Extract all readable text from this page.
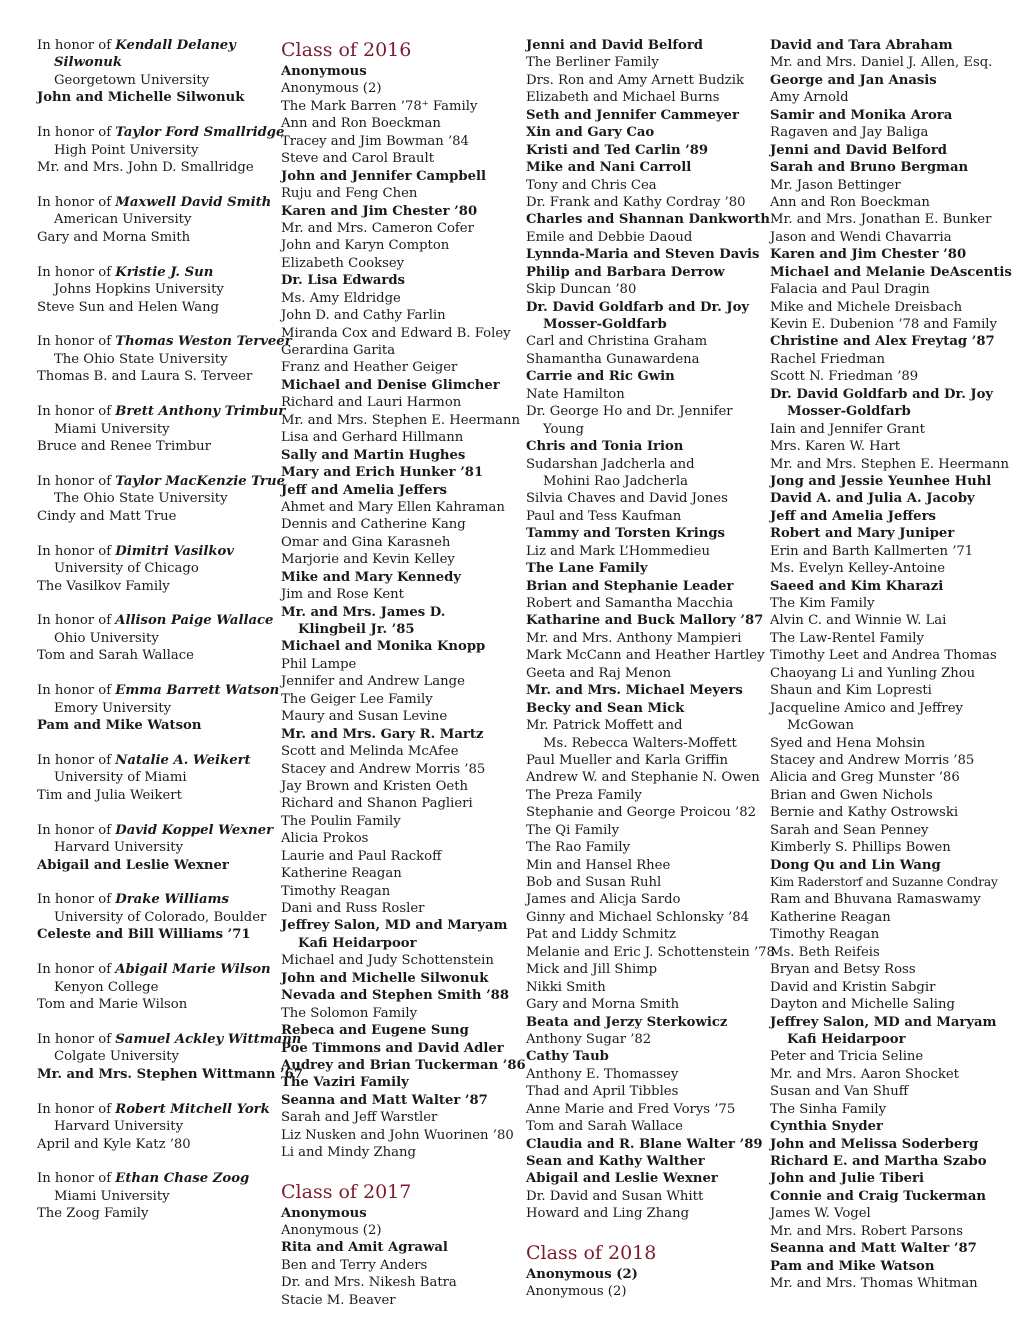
In honor of Kendall Delaney
Silwonuk
Georgetown University
John and Michelle Silwonuk
In honor of Taylor Ford Smallridge
High Point University
Mr. and Mrs. John D. Smallridge
In honor of Maxwell David Smith
American University
Gary and Morna Smith
In honor of Kristie J. Sun
Johns Hopkins University
Steve Sun and Helen Wang
In honor of Thomas Weston Terveer
The Ohio State University
Thomas B. and Laura S. Terveer
In honor of Brett Anthony Trimbur
Miami University
Bruce and Renee Trimbur
In honor of Taylor MacKenzie True
The Ohio State University
Cindy and Matt True
In honor of Dimitri Vasilkov
University of Chicago
The Vasilkov Family
In honor of Allison Paige Wallace
Ohio University
Tom and Sarah Wallace
In honor of Emma Barrett Watson
Emory University
Pam and Mike Watson
In honor of Natalie A. Weikert
University of Miami
Tim and Julia Weikert
In honor of David Koppel Wexner
Harvard University
Abigail and Leslie Wexner
In honor of Drake Williams
University of Colorado, Boulder
Celeste and Bill Williams ’71
In honor of Abigail Marie Wilson
Kenyon College
Tom and Marie Wilson
In honor of Samuel Ackley Wittmann
Colgate University
Mr. and Mrs. Stephen Wittmann ’67
In honor of Robert Mitchell York
Harvard University
April and Kyle Katz ’80
In honor of Ethan Chase Zoog
Miami University
The Zoog Family
Class of 2016
Anonymous
Anonymous (2)
The Mark Barren ’78⁺ Family
Ann and Ron Boeckman
Tracey and Jim Bowman ’84
Steve and Carol Brault
John and Jennifer Campbell
Ruju and Feng Chen
Karen and Jim Chester ’80
Mr. and Mrs. Cameron Cofer
John and Karyn Compton
Elizabeth Cooksey
Dr. Lisa Edwards
Ms. Amy Eldridge
John D. and Cathy Farlin
Miranda Cox and Edward B. Foley
Gerardina Garita
Franz and Heather Geiger
Michael and Denise Glimcher
Richard and Lauri Harmon
Mr. and Mrs. Stephen E. Heermann
Lisa and Gerhard Hillmann
Sally and Martin Hughes
Mary and Erich Hunker ’81
Jeff and Amelia Jeffers
Ahmet and Mary Ellen Kahraman
Dennis and Catherine Kang
Omar and Gina Karasneh
Marjorie and Kevin Kelley
Mike and Mary Kennedy
Jim and Rose Kent
Mr. and Mrs. James D.
Klingbeil Jr. ’85
Michael and Monika Knopp
Phil Lampe
Jennifer and Andrew Lange
The Geiger Lee Family
Maury and Susan Levine
Mr. and Mrs. Gary R. Martz
Scott and Melinda McAfee
Stacey and Andrew Morris ’85
Jay Brown and Kristen Oeth
Richard and Shanon Paglieri
The Poulin Family
Alicia Prokos
Laurie and Paul Rackoff
Katherine Reagan
Timothy Reagan
Dani and Russ Rosler
Jeffrey Salon, MD and Maryam
Kafi Heidarpoor
Michael and Judy Schottenstein
John and Michelle Silwonuk
Nevada and Stephen Smith ’88
The Solomon Family
Rebeca and Eugene Sung
Poe Timmons and David Adler
Audrey and Brian Tuckerman ’86
The Vaziri Family
Seanna and Matt Walter ’87
Sarah and Jeff Warstler
Liz Nusken and John Wuorinen ’80
Li and Mindy Zhang
Class of 2017
Anonymous
Anonymous (2)
Rita and Amit Agrawal
Ben and Terry Anders
Dr. and Mrs. Nikesh Batra
Stacie M. Beaver
Jenni and David Belford
The Berliner Family
Drs. Ron and Amy Arnett Budzik
Elizabeth and Michael Burns
Seth and Jennifer Cammeyer
Xin and Gary Cao
Kristi and Ted Carlin ’89
Mike and Nani Carroll
Tony and Chris Cea
Dr. Frank and Kathy Cordray ’80
Charles and Shannan Dankworth
Emile and Debbie Daoud
Lynnda-Maria and Steven Davis
Philip and Barbara Derrow
Skip Duncan ’80
Dr. David Goldfarb and Dr. Joy
Mosser-Goldfarb
Carl and Christina Graham
Shamantha Gunawardena
Carrie and Ric Gwin
Nate Hamilton
Dr. George Ho and Dr. Jennifer
Young
Chris and Tonia Irion
Sudarshan Jadcherla and
Mohini Rao Jadcherla
Silvia Chaves and David Jones
Paul and Tess Kaufman
Tammy and Torsten Krings
Liz and Mark L’Hommedieu
The Lane Family
Brian and Stephanie Leader
Robert and Samantha Macchia
Katharine and Buck Mallory ’87
Mr. and Mrs. Anthony Mampieri
Mark McCann and Heather Hartley
Geeta and Raj Menon
Mr. and Mrs. Michael Meyers
Becky and Sean Mick
Mr. Patrick Moffett and
Ms. Rebecca Walters-Moffett
Paul Mueller and Karla Griffin
Andrew W. and Stephanie N. Owen
The Preza Family
Stephanie and George Proicou ’82
The Qi Family
The Rao Family
Min and Hansel Rhee
Bob and Susan Ruhl
James and Alicja Sardo
Ginny and Michael Schlonsky ’84
Pat and Liddy Schmitz
Melanie and Eric J. Schottenstein ’78
Mick and Jill Shimp
Nikki Smith
Gary and Morna Smith
Beata and Jerzy Sterkowicz
Anthony Sugar ’82
Cathy Taub
Anthony E. Thomassey
Thad and April Tibbles
Anne Marie and Fred Vorys ’75
Tom and Sarah Wallace
Claudia and R. Blane Walter ’89
Sean and Kathy Walther
Abigail and Leslie Wexner
Dr. David and Susan Whitt
Howard and Ling Zhang
Class of 2018
Anonymous (2)
Anonymous (2)
David and Tara Abraham
Mr. and Mrs. Daniel J. Allen, Esq.
George and Jan Anasis
Amy Arnold
Samir and Monika Arora
Ragaven and Jay Baliga
Jenni and David Belford
Sarah and Bruno Bergman
Mr. Jason Bettinger
Ann and Ron Boeckman
Mr. and Mrs. Jonathan E. Bunker
Jason and Wendi Chavarria
Karen and Jim Chester ’80
Michael and Melanie DeAscentis
Falacia and Paul Dragin
Mike and Michele Dreisbach
Kevin E. Dubenion ’78 and Family
Christine and Alex Freytag ’87
Rachel Friedman
Scott N. Friedman ’89
Dr. David Goldfarb and Dr. Joy
Mosser-Goldfarb
Iain and Jennifer Grant
Mrs. Karen W. Hart
Mr. and Mrs. Stephen E. Heermann
Jong and Jessie Yeunhee Huhl
David A. and Julia A. Jacoby
Jeff and Amelia Jeffers
Robert and Mary Juniper
Erin and Barth Kallmerten ’71
Ms. Evelyn Kelley-Antoine
Saeed and Kim Kharazi
The Kim Family
Alvin C. and Winnie W. Lai
The Law-Rentel Family
Timothy Leet and Andrea Thomas
Chaoyang Li and Yunling Zhou
Shaun and Kim Lopresti
Jacqueline Amico and Jeffrey
McGowan
Syed and Hena Mohsin
Stacey and Andrew Morris ’85
Alicia and Greg Munster ’86
Brian and Gwen Nichols
Bernie and Kathy Ostrowski
Sarah and Sean Penney
Kimberly S. Phillips Bowen
Dong Qu and Lin Wang
Kim Raderstorf and Suzanne Condray
Ram and Bhuvana Ramaswamy
Katherine Reagan
Timothy Reagan
Ms. Beth Reifeis
Bryan and Betsy Ross
David and Kristin Sabgir
Dayton and Michelle Saling
Jeffrey Salon, MD and Maryam
Kafi Heidarpoor
Peter and Tricia Seline
Mr. and Mrs. Aaron Shocket
Susan and Van Shuff
The Sinha Family
Cynthia Snyder
John and Melissa Soderberg
Richard E. and Martha Szabo
John and Julie Tiberi
Connie and Craig Tuckerman
James W. Vogel
Mr. and Mrs. Robert Parsons
Seanna and Matt Walter ’87
Pam and Mike Watson
Mr. and Mrs. Thomas Whitman
